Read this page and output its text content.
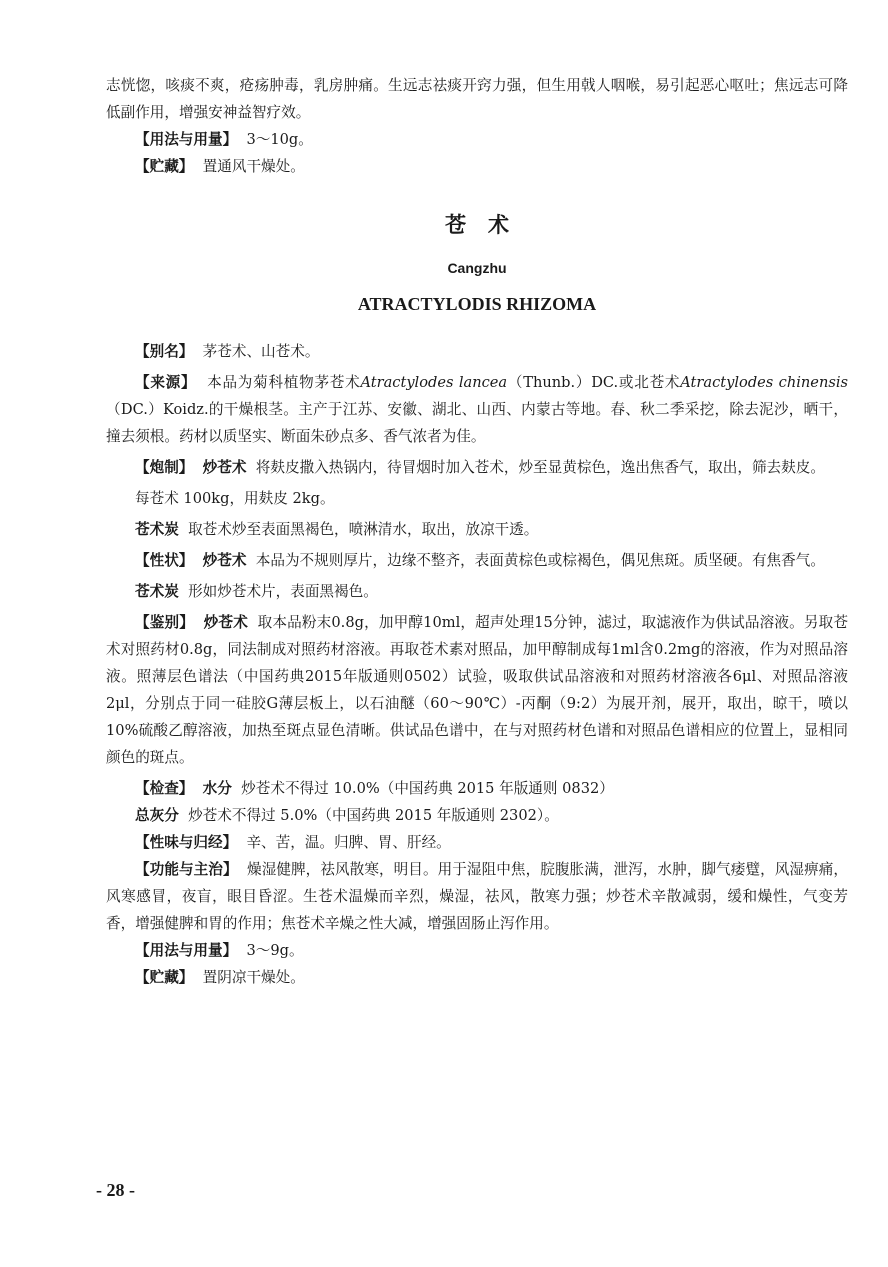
志恍惚，咳痰不爽，疮疡肿毒，乳房肿痛。生远志祛痰开窍力强，但生用戟人咽喉，易引起恶心呕吐；焦远志可降低副作用，增强安神益智疗效。

【用法与用量】 3～10g。

【贮藏】 置通风干燥处。

苍术
Cangzhu
ATRACTYLODIS RHIZOMA

【别名】 茅苍术、山苍术。

【来源】 本品为菊科植物茅苍术Atractylodes lancea（Thunb.）DC.或北苍术Atractylodes chinensis（DC.）Koidz.的干燥根茎。主产于江苏、安徽、湖北、山西、内蒙古等地。春、秋二季采挖，除去泥沙，晒干，撞去须根。药材以质坚实、断面朱砂点多、香气浓者为佳。

【炮制】 炒苍术 将麸皮撒入热锅内，待冒烟时加入苍术，炒至显黄棕色，逸出焦香气，取出，筛去麸皮。

每苍术 100kg，用麸皮 2kg。

苍术炭 取苍术炒至表面黑褐色，喷淋清水，取出，放凉干透。

【性状】 炒苍术 本品为不规则厚片，边缘不整齐，表面黄棕色或棕褐色，偶见焦斑。质坚硬。有焦香气。

苍术炭 形如炒苍术片，表面黑褐色。

【鉴别】 炒苍术 取本品粉末0.8g，加甲醇10ml，超声处理15分钟，滤过，取滤液作为供试品溶液。另取苍术对照药材0.8g，同法制成对照药材溶液。再取苍术素对照品，加甲醇制成每1ml含0.2mg的溶液，作为对照品溶液。照薄层色谱法（中国药典2015年版通则0502）试验，吸取供试品溶液和对照药材溶液各6μl、对照品溶液2μl，分别点于同一硅胶G薄层板上，以石油醚（60～90℃）-丙酮（9:2）为展开剂，展开，取出，晾干，喷以10%硫酸乙醇溶液，加热至斑点显色清晰。供试品色谱中，在与对照药材色谱和对照品色谱相应的位置上，显相同颜色的斑点。

【检查】 水分 炒苍术不得过 10.0%（中国药典 2015 年版通则 0832）

总灰分 炒苍术不得过 5.0%（中国药典 2015 年版通则 2302）。

【性味与归经】 辛、苦，温。归脾、胃、肝经。

【功能与主治】 燥湿健脾，祛风散寒，明目。用于湿阻中焦，脘腹胀满，泄泻，水肿，脚气痿躄，风湿痹痛，风寒感冒，夜盲，眼目昏涩。生苍术温燥而辛烈，燥湿，祛风，散寒力强；炒苍术辛散减弱，缓和燥性，气变芳香，增强健脾和胃的作用；焦苍术辛燥之性大减，增强固肠止泻作用。

【用法与用量】 3～9g。

【贮藏】 置阴凉干燥处。

- 28 -
